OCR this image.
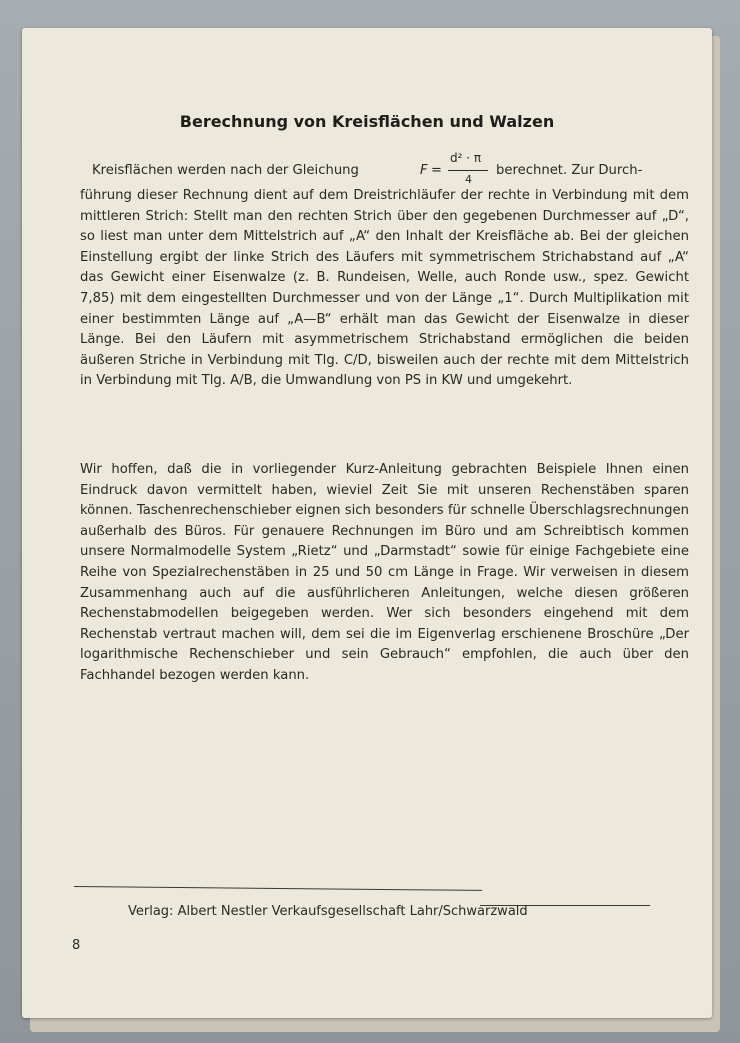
Berechnung von Kreisflächen und Walzen
Kreisflächen werden nach der Gleichung	F =
d² · π
4
berechnet. Zur Durch-
führung dieser Rechnung dient auf dem Dreistrichläufer der rechte in Verbindung mit dem mittleren Strich: Stellt man den rechten Strich über den gegebenen Durchmesser auf „D“, so liest man unter dem Mittelstrich auf „A“ den Inhalt der Kreisfläche ab. Bei der gleichen Einstellung ergibt der linke Strich des Läufers mit symmetrischem Strichabstand auf „A“ das Gewicht einer Eisenwalze (z. B. Rundeisen, Welle, auch Ronde usw., spez. Gewicht 7,85) mit dem eingestellten Durchmesser und von der Länge „1“. Durch Multiplikation mit einer bestimmten Länge auf „A—B“ erhält man das Gewicht der Eisenwalze in dieser Länge. Bei den Läufern mit asymmetrischem Strichabstand ermöglichen die beiden äußeren Striche in Verbindung mit Tlg. C/D, bisweilen auch der rechte mit dem Mittelstrich in Verbindung mit Tlg. A/B, die Umwandlung von PS in KW und umgekehrt.
Wir hoffen, daß die in vorliegender Kurz-Anleitung gebrachten Beispiele Ihnen einen Eindruck davon vermittelt haben, wieviel Zeit Sie mit unseren Rechenstäben sparen können. Taschenrechenschieber eignen sich besonders für schnelle Überschlagsrechnungen außerhalb des Büros. Für genauere Rechnungen im Büro und am Schreibtisch kommen unsere Normalmodelle System „Rietz“ und „Darmstadt“ sowie für einige Fachgebiete eine Reihe von Spezialrechenstäben in 25 und 50 cm Länge in Frage. Wir verweisen in diesem Zusammenhang auch auf die ausführlicheren Anleitungen, welche diesen größeren Rechenstabmodellen beigegeben werden. Wer sich besonders eingehend mit dem Rechenstab vertraut machen will, dem sei die im Eigenverlag erschienene Broschüre „Der logarithmische Rechenschieber und sein Gebrauch“ empfohlen, die auch über den Fachhandel bezogen werden kann.
Verlag: Albert Nestler Verkaufsgesellschaft Lahr/Schwarzwald
8
